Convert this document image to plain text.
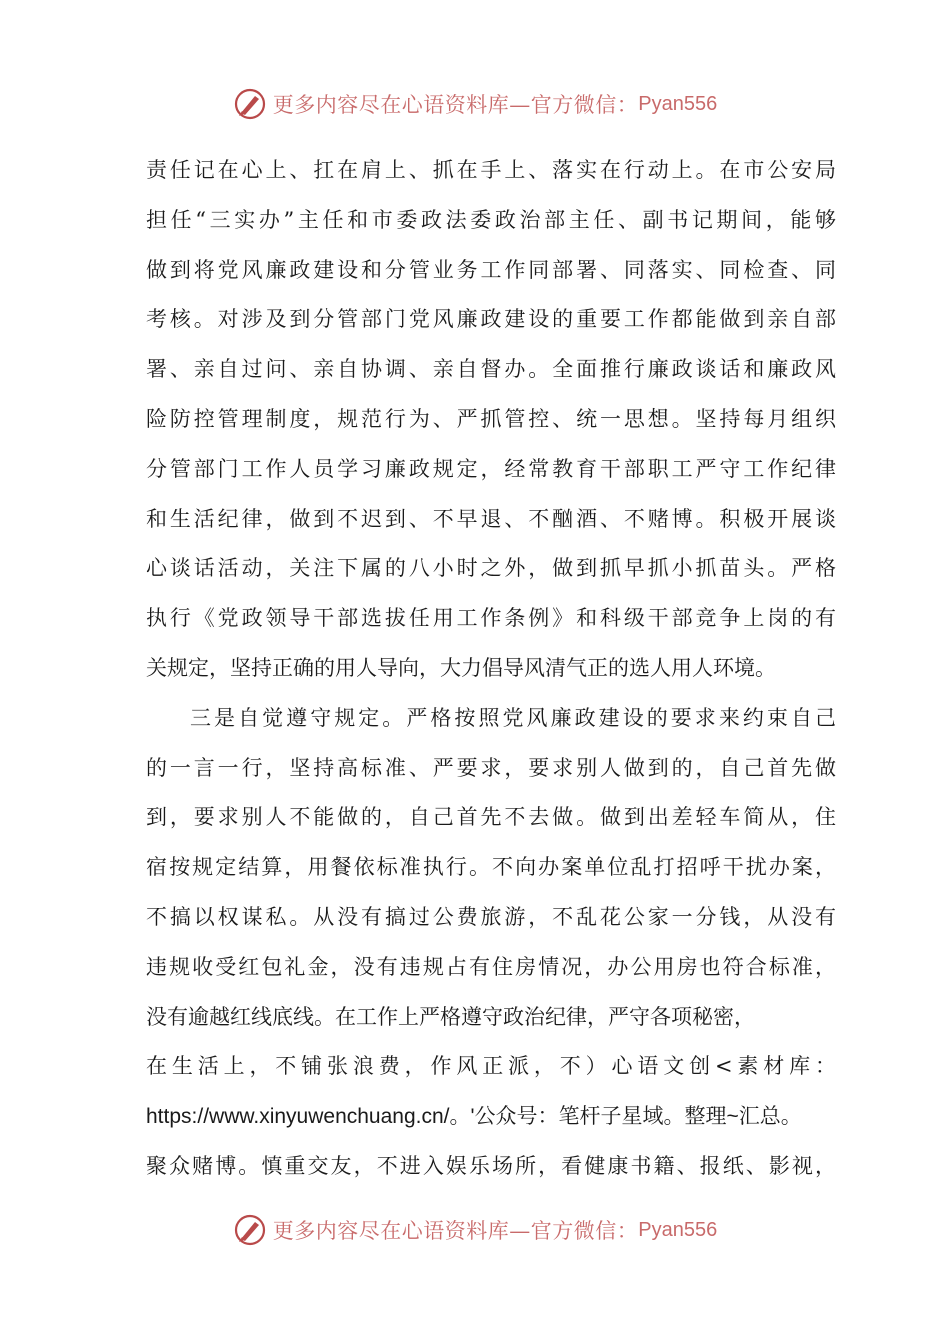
更多内容尽在心语资料库—官方微信： Pyan556
责任记在心上、扛在肩上、抓在手上、落实在行动上。在市公安局
担任“三实办”主任和市委政法委政治部主任、副书记期间，能够
做到将党风廉政建设和分管业务工作同部署、同落实、同检查、同
考核。对涉及到分管部门党风廉政建设的重要工作都能做到亲自部
署、亲自过问、亲自协调、亲自督办。全面推行廉政谈话和廉政风
险防控管理制度，规范行为、严抓管控、统一思想。坚持每月组织
分管部门工作人员学习廉政规定，经常教育干部职工严守工作纪律
和生活纪律，做到不迟到、不早退、不酗酒、不赌博。积极开展谈
心谈话活动，关注下属的八小时之外，做到抓早抓小抓苗头。严格
执行《党政领导干部选拔任用工作条例》和科级干部竞争上岗的有
关规定，坚持正确的用人导向，大力倡导风清气正的选人用人环境。
三是自觉遵守规定。严格按照党风廉政建设的要求来约束自己
的一言一行，坚持高标准、严要求，要求别人做到的，自己首先做
到，要求别人不能做的，自己首先不去做。做到出差轻车简从，住
宿按规定结算，用餐依标准执行。不向办案单位乱打招呼干扰办案，
不搞以权谋私。从没有搞过公费旅游，不乱花公家一分钱，从没有
违规收受红包礼金，没有违规占有住房情况，办公用房也符合标准，
没有逾越红线底线。在工作上严格遵守政治纪律，严守各项秘密，
在生活上，不铺张浪费，作风正派，不）心语文创<素材库：
https://www.xinyuwenchuang.cn/。'公众号：笔杆子星域。整理~汇总。
聚众赌博。慎重交友，不进入娱乐场所，看健康书籍、报纸、影视，
更多内容尽在心语资料库—官方微信： Pyan556
